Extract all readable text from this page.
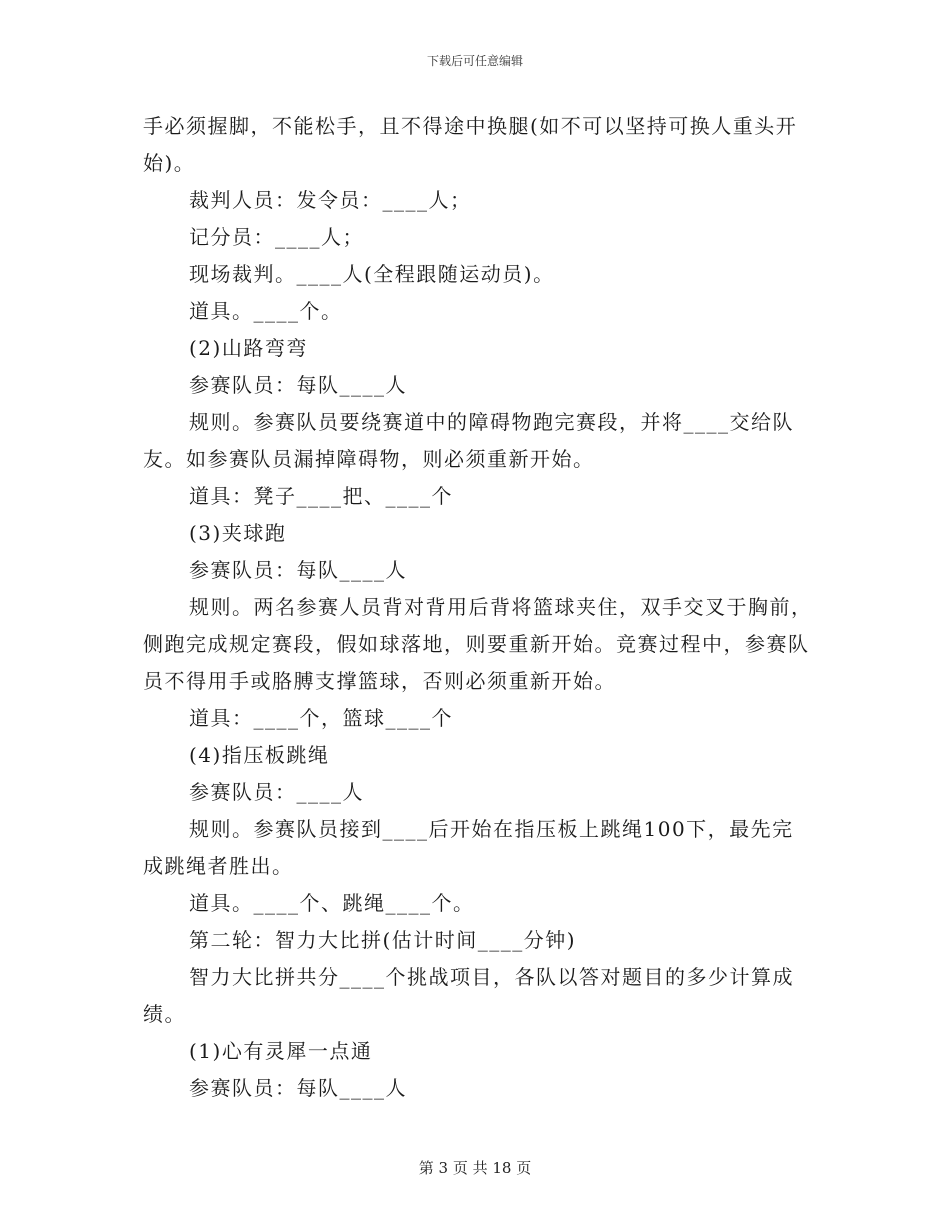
下载后可任意编辑
手必须握脚，不能松手，且不得途中换腿(如不可以坚持可换人重头开始)。
裁判人员：发令员：____人；
记分员：____人；
现场裁判。____人(全程跟随运动员)。
道具。____个。
(2)山路弯弯
参赛队员：每队____人
规则。参赛队员要绕赛道中的障碍物跑完赛段，并将____交给队友。如参赛队员漏掉障碍物，则必须重新开始。
道具：凳子____把、____个
(3)夹球跑
参赛队员：每队____人
规则。两名参赛人员背对背用后背将篮球夹住，双手交叉于胸前，侧跑完成规定赛段，假如球落地，则要重新开始。竞赛过程中，参赛队员不得用手或胳膊支撑篮球，否则必须重新开始。
道具：____个，篮球____个
(4)指压板跳绳
参赛队员：____人
规则。参赛队员接到____后开始在指压板上跳绳100下，最先完成跳绳者胜出。
道具。____个、跳绳____个。
第二轮：智力大比拼(估计时间____分钟)
智力大比拼共分____个挑战项目，各队以答对题目的多少计算成绩。
(1)心有灵犀一点通
参赛队员：每队____人
第 3 页 共 18 页
